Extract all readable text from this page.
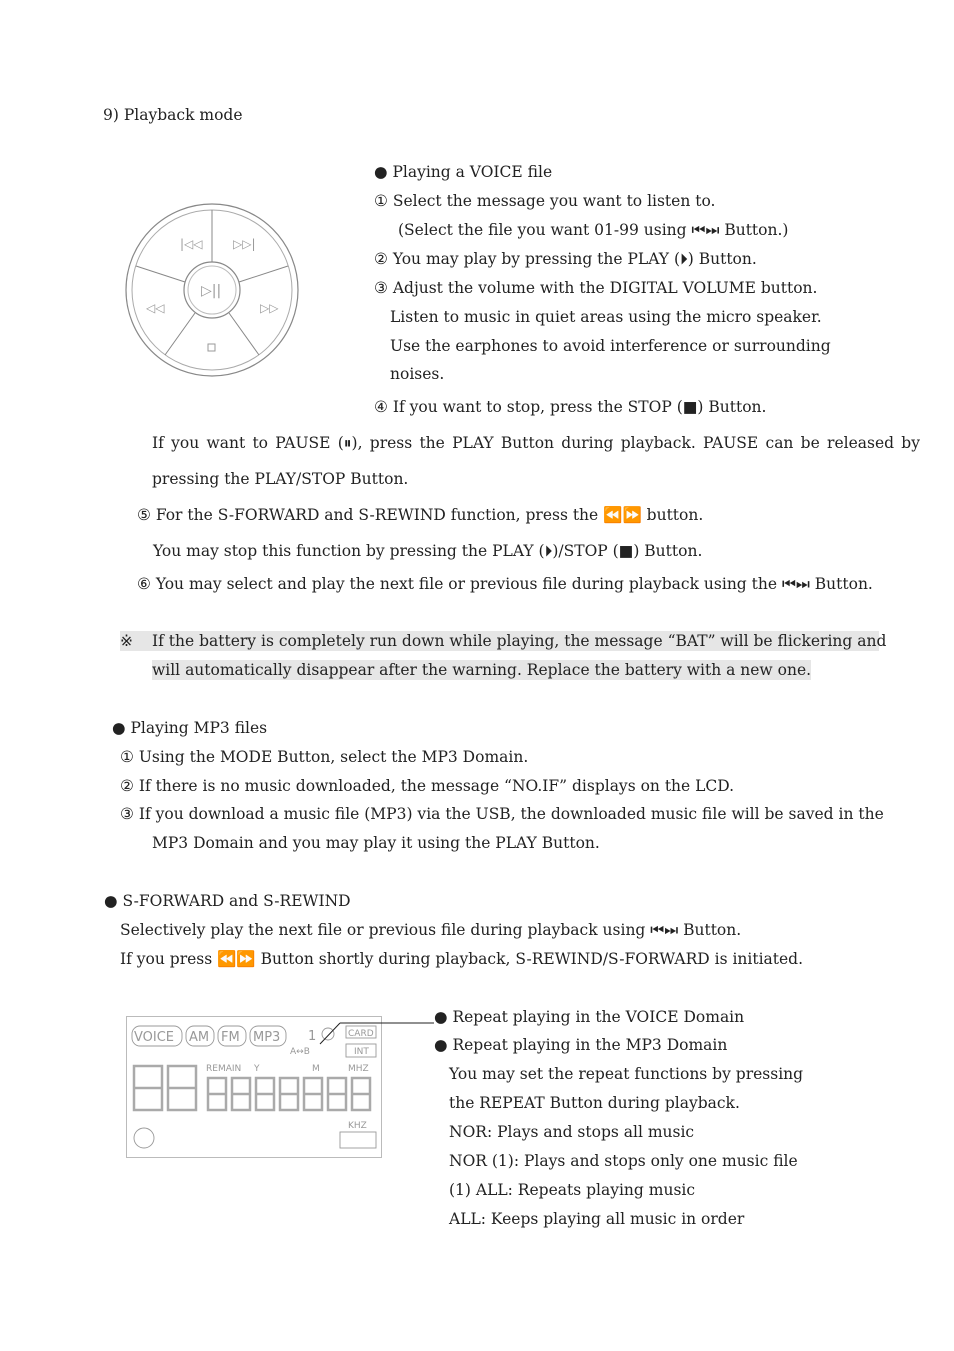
9) Playback mode
|◁◁	▷▷|
◁◁	▷▷
▷||
● Playing a VOICE file
① Select the message you want to listen to.
(Select the file you want 01-99 using ⏮⏭ Button.)
② You may play by pressing the PLAY (⏵) Button.
③ Adjust the volume with the DIGITAL VOLUME button.
Listen to music in quiet areas using the micro speaker.
Use the earphones to avoid interference or surrounding
noises.
④ If you want to stop, press the STOP (■) Button.
If you want to PAUSE (⏸), press the PLAY Button during playback. PAUSE can be released by
pressing the PLAY/STOP Button.
⑤ For the S-FORWARD and S-REWIND function, press the ⏪⏩ button.
You may stop this function by pressing the PLAY (⏵)/STOP (■) Button.
⑥ You may select and play the next file or previous file during playback using the ⏮⏭ Button.
※	If the battery is completely run down while playing, the message “BAT” will be flickering and
will automatically disappear after the warning. Replace the battery with a new one.
● Playing MP3 files
① Using the MODE Button, select the MP3 Domain.
② If there is no music downloaded, the message “NO.IF” displays on the LCD.
③ If you download a music file (MP3) via the USB, the downloaded music file will be saved in the
MP3 Domain and you may play it using the PLAY Button.
● S-FORWARD and S-REWIND
Selectively play the next file or previous file during playback using ⏮⏭ Button.
If you press ⏪⏩ Button shortly during playback, S-REWIND/S-FORWARD is initiated.
VOICE AM FM MP3 1	CARD
INT
A↔B
REMAIN Y	M	MHZ
KHZ
● Repeat playing in the VOICE Domain
● Repeat playing in the MP3 Domain
You may set the repeat functions by pressing
the REPEAT Button during playback.
NOR: Plays and stops all music
NOR (1): Plays and stops only one music file
(1) ALL: Repeats playing music
ALL: Keeps playing all music in order
